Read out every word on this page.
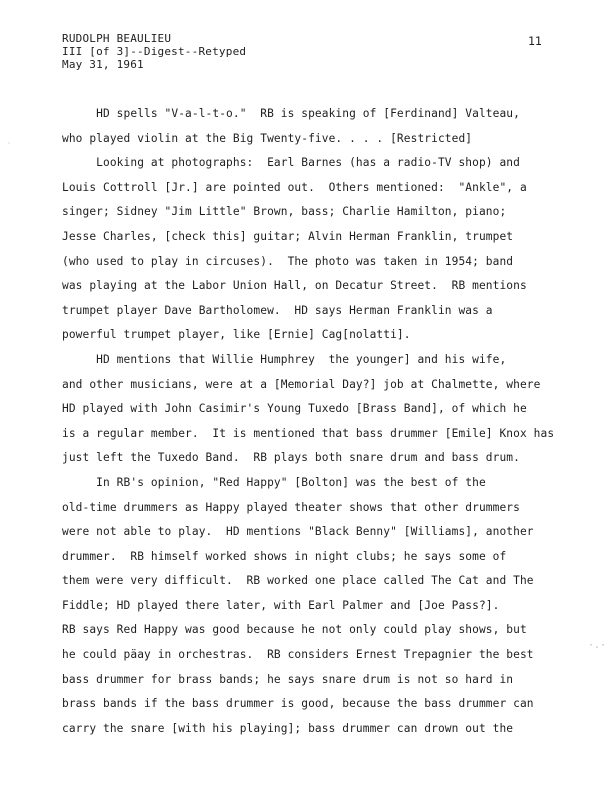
RUDOLPH BEAULIEU
III [of 3]--Digest--Retyped
May 31, 1961
11
HD spells "V-a-l-t-o."  RB is speaking of [Ferdinand] Valteau,
who played violin at the Big Twenty-five. . . . [Restricted]
Looking at photographs:  Earl Barnes (has a radio-TV shop) and
Louis Cottroll [Jr.] are pointed out.  Others mentioned:  "Ankle", a
singer; Sidney "Jim Little" Brown, bass; Charlie Hamilton, piano;
Jesse Charles, [check this] guitar; Alvin Herman Franklin, trumpet
(who used to play in circuses).  The photo was taken in 1954; band
was playing at the Labor Union Hall, on Decatur Street.  RB mentions
trumpet player Dave Bartholomew.  HD says Herman Franklin was a
powerful trumpet player, like [Ernie] Cag[nolatti].
HD mentions that Willie Humphrey  the younger] and his wife,
and other musicians, were at a [Memorial Day?] job at Chalmette, where
HD played with John Casimir's Young Tuxedo [Brass Band], of which he
is a regular member.  It is mentioned that bass drummer [Emile] Knox has
just left the Tuxedo Band.  RB plays both snare drum and bass drum.
In RB's opinion, "Red Happy" [Bolton] was the best of the
old-time drummers as Happy played theater shows that other drummers
were not able to play.  HD mentions "Black Benny" [Williams], another
drummer.  RB himself worked shows in night clubs; he says some of
them were very difficult.  RB worked one place called The Cat and The
Fiddle; HD played there later, with Earl Palmer and [Joe Pass?].
RB says Red Happy was good because he not only could play shows, but
he could päay in orchestras.  RB considers Ernest Trepagnier the best
bass drummer for brass bands; he says snare drum is not so hard in
brass bands if the bass drummer is good, because the bass drummer can
carry the snare [with his playing]; bass drummer can drown out the
˙
·.·
